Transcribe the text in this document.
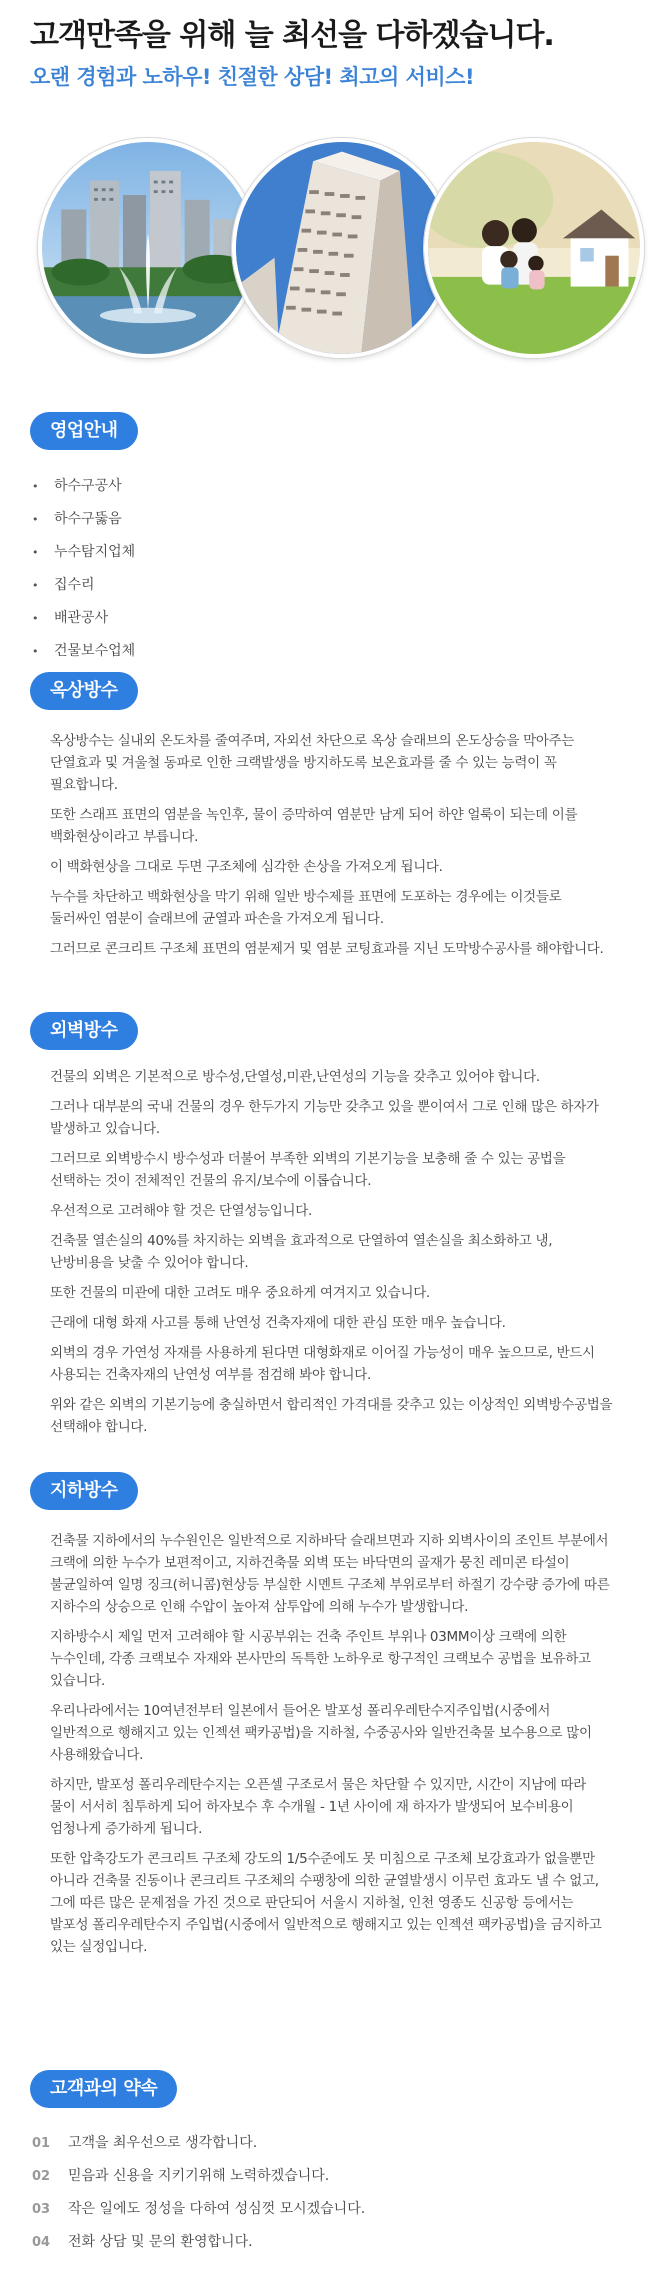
고객만족을 위해 늘 최선을 다하겠습니다.
오랜 경험과 노하우! 친절한 상담! 최고의 서비스!
영업안내
• 하수구공사
• 하수구뚫음
• 누수탐지업체
• 집수리
• 배관공사
• 건물보수업체
옥상방수

옥상방수는 실내외 온도차를 줄여주며, 자외선 차단으로 옥상 슬래브의 온도상승을 막아주는 단열효과 및 겨울철 동파로 인한 크랙발생을 방지하도록 보온효과를 줄 수 있는 능력이 꼭 필요합니다.

또한 스래프 표면의 염분을 녹인후, 물이 증막하여 염분만 남게 되어 하얀 얼룩이 되는데 이를 백화현상이라고 부릅니다.

이 백화현상을 그대로 두면 구조체에 심각한 손상을 가져오게 됩니다.

누수를 차단하고 백화현상을 막기 위해 일반 방수제를 표면에 도포하는 경우에는 이것들로 둘러싸인 염분이 슬래브에 균열과 파손을 가져오게 됩니다.

그러므로 콘크리트 구조체 표면의 염분제거 및 염분 코팅효과를 지닌 도막방수공사를 해야합니다.

외벽방수

건물의 외벽은 기본적으로 방수성,단열성,미관,난연성의 기능을 갖추고 있어야 합니다.

그러나 대부분의 국내 건물의 경우 한두가지 기능만 갖추고 있을 뿐이여서 그로 인해 많은 하자가 발생하고 있습니다.

그러므로 외벽방수시 방수성과 더불어 부족한 외벽의 기본기능을 보충해 줄 수 있는 공법을 선택하는 것이 전체적인 건물의 유지/보수에 이롭습니다.

우선적으로 고려해야 할 것은 단열성능입니다.

건축물 열손실의 40%를 차지하는 외벽을 효과적으로 단열하여 열손실을 최소화하고 냉,난방비용을 낮출 수 있어야 합니다.

또한 건물의 미관에 대한 고려도 매우 중요하게 여겨지고 있습니다.

근래에 대형 화재 사고를 통해 난연성 건축자재에 대한 관심 또한 매우 높습니다.

외벽의 경우 가연성 자재를 사용하게 된다면 대형화재로 이어질 가능성이 매우 높으므로, 반드시 사용되는 건축자재의 난연성 여부를 점검해 봐야 합니다.

위와 같은 외벽의 기본기능에 충실하면서 합리적인 가격대를 갖추고 있는 이상적인 외벽방수공법을 선택해야 합니다.

지하방수

건축물 지하에서의 누수원인은 일반적으로 지하바닥 슬래브면과 지하 외벽사이의 조인트 부분에서 크랙에 의한 누수가 보편적이고, 지하건축물 외벽 또는 바닥면의 골재가 뭉친 레미콘 타설이 불균일하여 일명 징크(허니콤)현상등 부실한 시멘트 구조체 부위로부터 하절기 강수량 증가에 따른 지하수의 상승으로 인해 수압이 높아져 삼투압에 의해 누수가 발생합니다.

지하방수시 제일 먼저 고려해야 할 시공부위는 건축 주인트 부위나 03MM이상 크랙에 의한 누수인데, 각종 크랙보수 자재와 본사만의 독특한 노하우로 항구적인 크랙보수 공법을 보유하고 있습니다.

우리나라에서는 10여년전부터 일본에서 들어온 발포성 폴리우레탄수지주입법(시중에서 일반적으로 행해지고 있는 인젝션 팩카공법)을 지하철, 수중공사와 일반건축물 보수용으로 많이 사용해왔습니다.

하지만, 발포성 폴리우레탄수지는 오픈셀 구조로서 물은 차단할 수 있지만, 시간이 지남에 따라 물이 서서히 침투하게 되어 하자보수 후 수개월 - 1년 사이에 재 하자가 발생되어 보수비용이 엄청나게 증가하게 됩니다.

또한 압축강도가 콘크리트 구조체 강도의 1/5수준에도 못 미침으로 구조체 보강효과가 없을뿐만 아니라 건축물 진동이나 콘크리트 구조체의 수팽창에 의한 균열발생시 이무런 효과도 낼 수 없고, 그에 따른 많은 문제점을 가진 것으로 판단되어 서울시 지하철, 인천 영종도 신공항 등에서는 발포성 폴리우레탄수지 주입법(시중에서 일반적으로 행해지고 있는 인젝션 팩카공법)을 금지하고 있는 실정입니다.

고객과의 약속
01 고객을 최우선으로 생각합니다.
02 믿음과 신용을 지키기위해 노력하겠습니다.
03 작은 일에도 정성을 다하여 성심껏 모시겠습니다.
04 전화 상담 및 문의 환영합니다.
